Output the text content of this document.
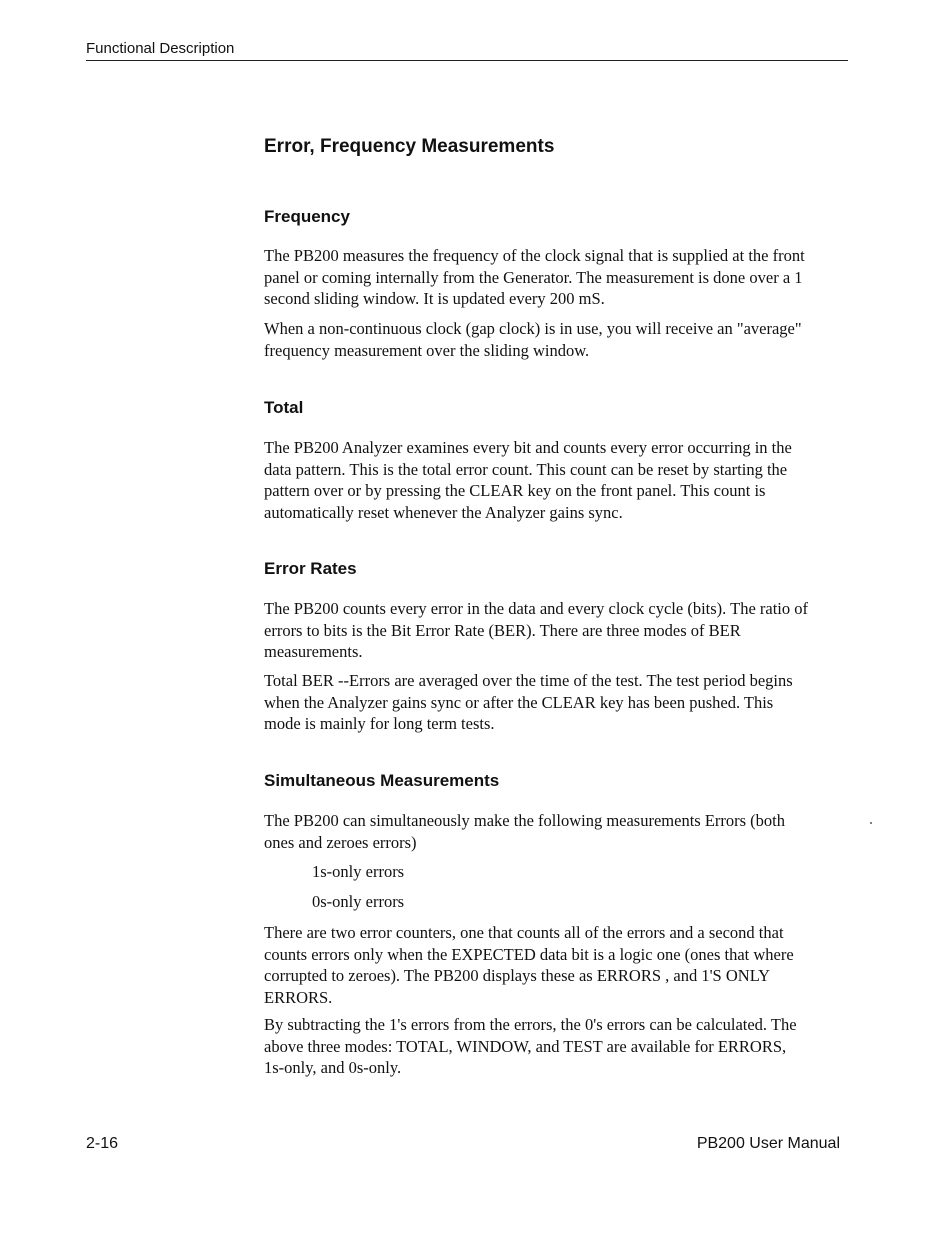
Functional Description
Error, Frequency Measurements
Frequency

The PB200 measures the frequency of the clock signal that is supplied at the front
panel or coming internally from the Generator. The measurement is done over a 1
second sliding window. It is updated every 200 mS.

When a non-continuous clock (gap clock) is in use, you will receive an "average"
frequency measurement over the sliding window.

Total

The PB200 Analyzer examines every bit and counts every error occurring in the
data pattern. This is the total error count. This count can be reset by starting the
pattern over or by pressing the CLEAR key on the front panel. This count is
automatically reset whenever the Analyzer gains sync.

Error Rates

The PB200 counts every error in the data and every clock cycle (bits). The ratio of
errors to bits is the Bit Error Rate (BER). There are three modes of BER
measurements.

Total BER --Errors are averaged over the time of the test. The test period begins
when the Analyzer gains sync or after the CLEAR key has been pushed. This
mode is mainly for long term tests.

Simultaneous Measurements

The PB200 can simultaneously make the following measurements Errors (both
ones and zeroes errors)

1s-only errors

0s-only errors

There are two error counters, one that counts all of the errors and a second that
counts errors only when the EXPECTED data bit is a logic one (ones that where
corrupted to zeroes). The PB200 displays these as ERRORS , and 1'S ONLY
ERRORS.

By subtracting the 1's errors from the errors, the 0's errors can be calculated. The
above three modes: TOTAL, WINDOW, and TEST are available for ERRORS,
1s-only, and 0s-only.

2-16	PB200 User Manual
